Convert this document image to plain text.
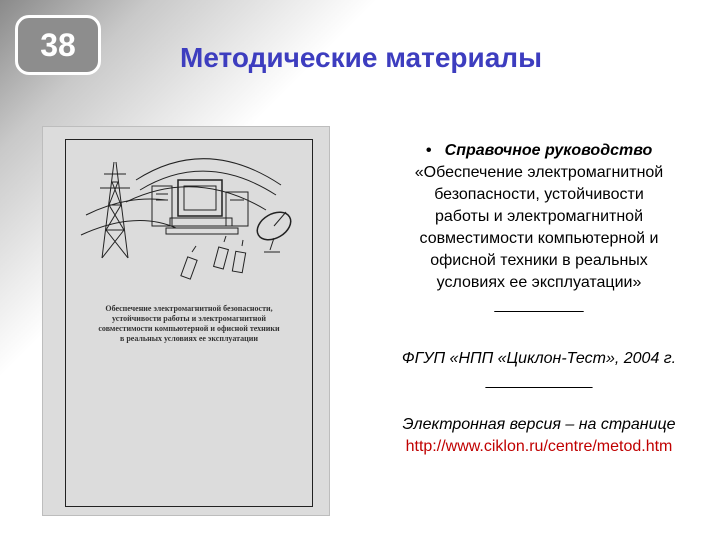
38	Методические материалы
Обеспечение электромагнитной безопасности,
устойчивости работы и электромагнитной
совместимости компьютерной и офисной техники
в реальных условиях ее эксплуатации
• Справочное руководство
«Обеспечение электромагнитной
безопасности, устойчивости
работы и электромагнитной
совместимости компьютерной и
офисной техники в реальных
условиях ее эксплуатации»
__________
ФГУП «НПП «Циклон-Тест», 2004 г.
____________
Электронная версия – на странице
http://www.ciklon.ru/centre/metod.htm
